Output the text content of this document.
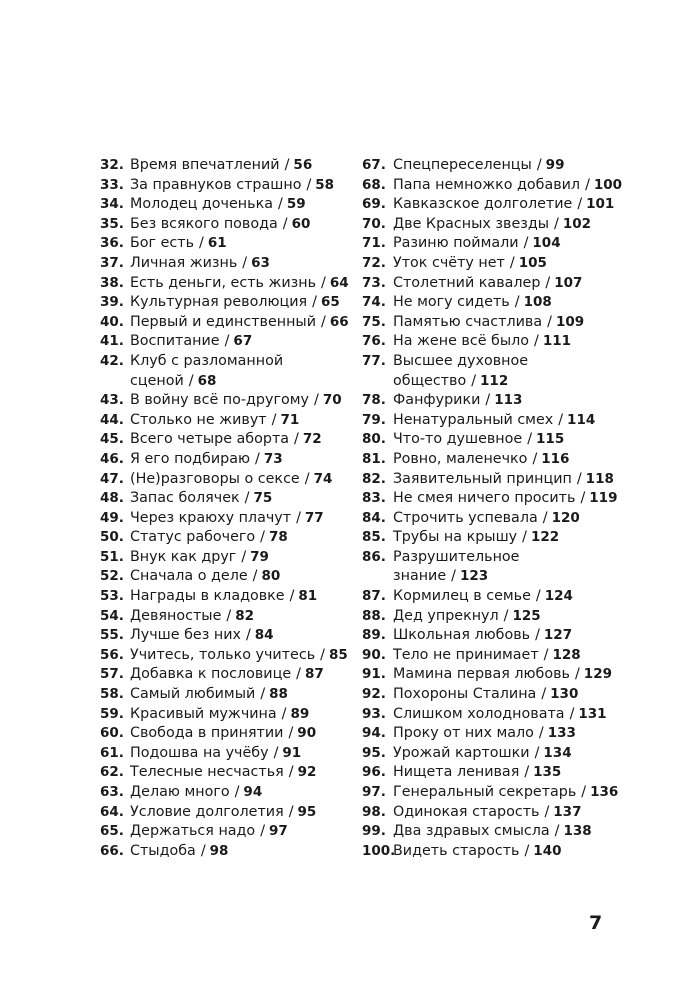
32. Время впечатлений / 56
33. За правнуков страшно / 58
34. Молодец доченька / 59
35. Без всякого повода / 60
36. Бог есть / 61
37. Личная жизнь / 63
38. Есть деньги, есть жизнь / 64
39. Культурная революция / 65
40. Первый и единственный / 66
41. Воспитание / 67
42. Клуб с разломанной
сценой / 68
43. В войну всё по-другому / 70
44. Столько не живут / 71
45. Всего четыре аборта / 72
46. Я его подбираю / 73
47. (Не)разговоры о сексе / 74
48. Запас болячек / 75
49. Через краюху плачут / 77
50. Статус рабочего / 78
51. Внук как друг / 79
52. Сначала о деле / 80
53. Награды в кладовке / 81
54. Девяностые / 82
55. Лучше без них / 84
56. Учитесь, только учитесь / 85
57. Добавка к пословице / 87
58. Самый любимый / 88
59. Красивый мужчина / 89
60. Свобода в принятии / 90
61. Подошва на учёбу / 91
62. Телесные несчастья / 92
63. Делаю много / 94
64. Условие долголетия / 95
65. Держаться надо / 97
66. Стыдоба / 98
67. Спецпереселенцы / 99
68. Папа немножко добавил / 100
69. Кавказское долголетие / 101
70. Две Красных звезды / 102
71. Разиню поймали / 104
72. Уток счёту нет / 105
73. Столетний кавалер / 107
74. Не могу сидеть / 108
75. Памятью счастлива / 109
76. На жене всё было / 111
77. Высшее духовное
общество / 112
78. Фанфурики / 113
79. Ненатуральный смех / 114
80. Что-то душевное / 115
81. Ровно, маленечко / 116
82. Заявительный принцип / 118
83. Не смея ничего просить / 119
84. Строчить успевала / 120
85. Трубы на крышу / 122
86. Разрушительное
знание / 123
87. Кормилец в семье / 124
88. Дед упрекнул / 125
89. Школьная любовь / 127
90. Тело не принимает / 128
91. Мамина первая любовь / 129
92. Похороны Сталина / 130
93. Слишком холодновата / 131
94. Проку от них мало / 133
95. Урожай картошки / 134
96. Нищета ленивая / 135
97. Генеральный секретарь / 136
98. Одинокая старость / 137
99. Два здравых смысла / 138
100.
Видеть старость / 140
7
